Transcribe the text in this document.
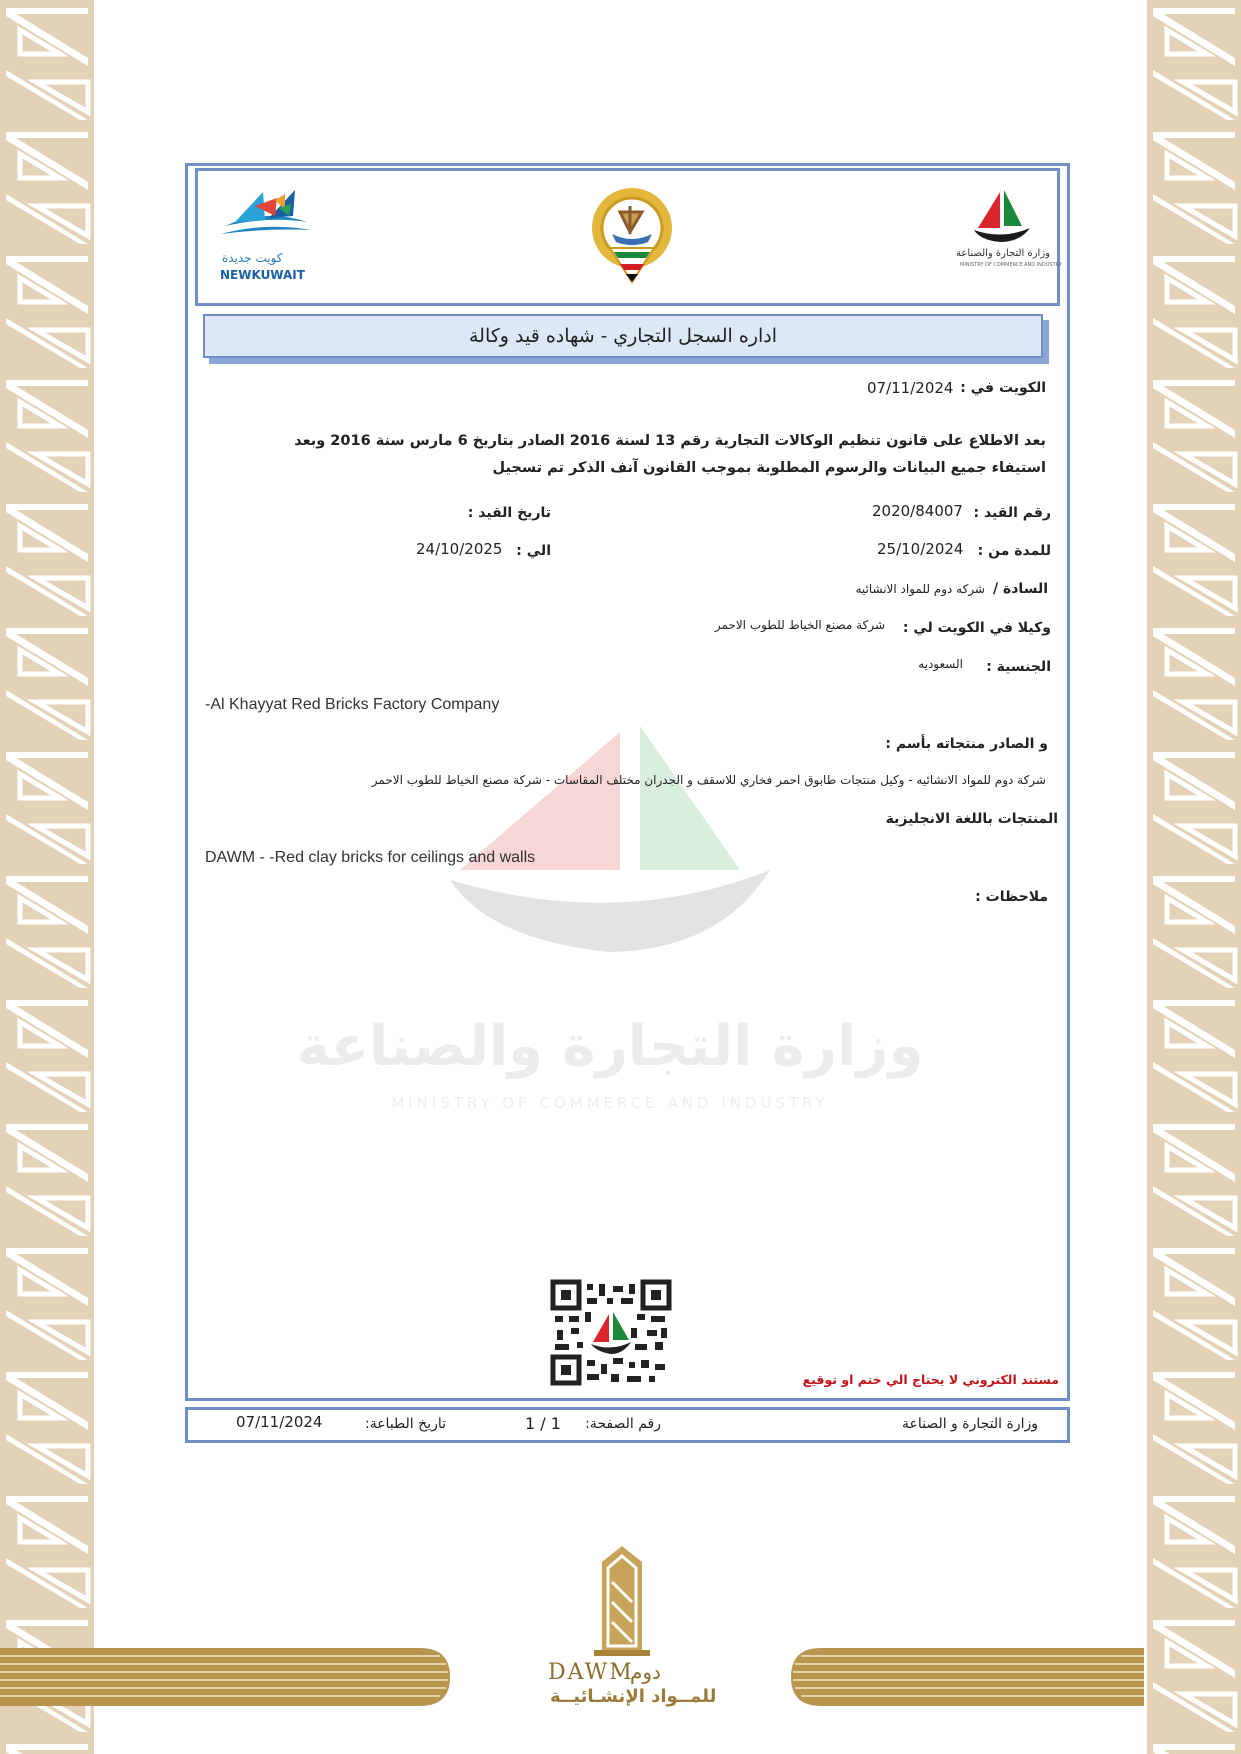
كويت جديدة
NEWKUWAIT
وزارة التجارة والصناعة
MINISTRY OF COMMERCE AND INDUSTRY
اداره السجل التجاري - شهاده قيد وكالة
وزارة التجارة والصناعة
MINISTRY OF COMMERCE AND INDUSTRY
الكويت في :
07/11/2024
بعد الاطلاع على قانون تنظيم الوكالات التجارية رقم 13 لسنة 2016 الصادر بتاريخ 6 مارس سنة 2016 وبعد
استيفاء جميع البيانات والرسوم المطلوبة بموجب القانون آنف الذكر تم تسجيل
رقم القيد :
2020/84007
تاريخ القيد :
للمدة من :
25/10/2024
الي :
24/10/2025
السادة /
شركه دوم للمواد الانشائيه
وكيلا في الكويت لي :
شركة مصنع الخياط للطوب الاحمر
الجنسية :
السعوديه
-Al Khayyat Red Bricks Factory Company
و الصادر منتجاته بأسم :
شركة دوم للمواد الانشائيه - وكيل منتجات طابوق احمر فخاري للاسقف و الجدران مختلف المقاسات - شركة مصنع الخياط للطوب الاحمر
المنتجات باللغة الانجليزية
DAWM - -Red clay bricks for ceilings and walls
ملاحظات :
مستند الكتروني لا يحتاج الي ختم او توقيع
وزارة التجارة و الصناعة
رقم الصفحة:
1 / 1
تاريخ الطباعة:
07/11/2024
DAWM
دوم
للمــواد الإنشـائيــة
